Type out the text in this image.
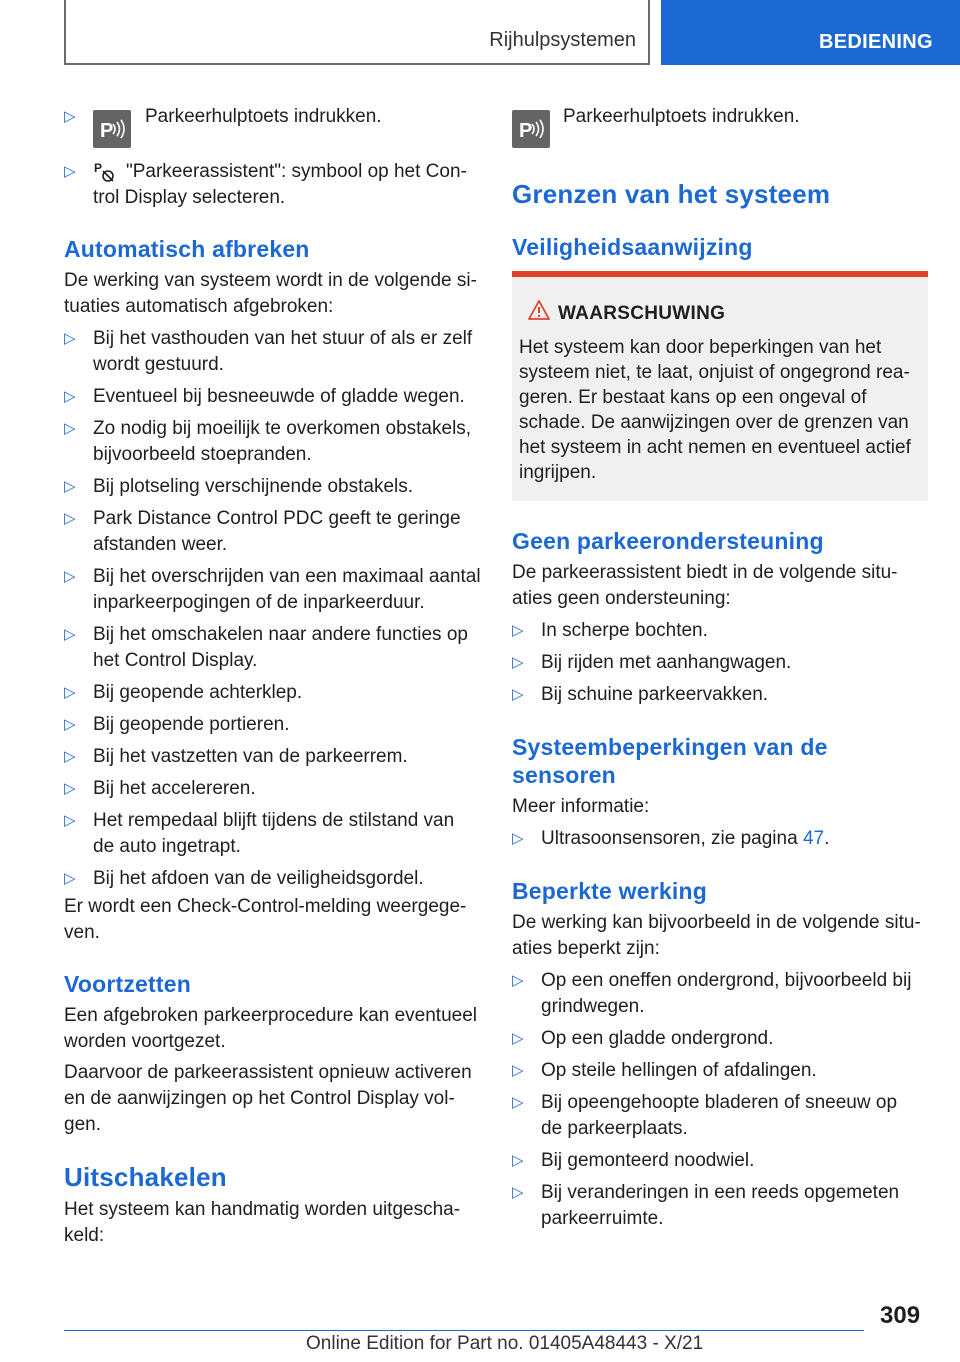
Rijhulpsystemen	BEDIENING
▷
P
Parkeerhulptoets indrukken.
▷ P "Parkeerassistent": symbool op het Con-
trol Display selecteren.
Automatisch afbreken
De werking van systeem wordt in de volgende si-
tuaties automatisch afgebroken:
▷ Bij het vasthouden van het stuur of als er zelf
wordt gestuurd.
▷ Eventueel bij besneeuwde of gladde wegen.
▷ Zo nodig bij moeilijk te overkomen obstakels,
bijvoorbeeld stoepranden.
▷ Bij plotseling verschijnende obstakels.
▷ Park Distance Control PDC geeft te geringe
afstanden weer.
▷ Bij het overschrijden van een maximaal aantal
inparkeerpogingen of de inparkeerduur.
▷ Bij het omschakelen naar andere functies op
het Control Display.
▷ Bij geopende achterklep.
▷ Bij geopende portieren.
▷ Bij het vastzetten van de parkeerrem.
▷ Bij het accelereren.
▷ Het rempedaal blijft tijdens de stilstand van
de auto ingetrapt.
▷ Bij het afdoen van de veiligheidsgordel.
Er wordt een Check-Control-melding weergege-
ven.
Voortzetten
Een afgebroken parkeerprocedure kan eventueel
worden voortgezet.
Daarvoor de parkeerassistent opnieuw activeren
en de aanwijzingen op het Control Display vol-
gen.
Uitschakelen
Het systeem kan handmatig worden uitgescha-
keld:
P
Parkeerhulptoets indrukken.
Grenzen van het systeem
Veiligheidsaanwijzing
WAARSCHUWING
Het systeem kan door beperkingen van het
systeem niet, te laat, onjuist of ongegrond rea-
geren. Er bestaat kans op een ongeval of
schade. De aanwijzingen over de grenzen van
het systeem in acht nemen en eventueel actief
ingrijpen.
Geen parkeerondersteuning
De parkeerassistent biedt in de volgende situ-
aties geen ondersteuning:
▷ In scherpe bochten.
▷ Bij rijden met aanhangwagen.
▷ Bij schuine parkeervakken.
Systeembeperkingen van de
sensoren
Meer informatie:
▷ Ultrasoonsensoren, zie pagina 47.
Beperkte werking
De werking kan bijvoorbeeld in de volgende situ-
aties beperkt zijn:
▷ Op een oneffen ondergrond, bijvoorbeeld bij
grindwegen.
▷ Op een gladde ondergrond.
▷ Op steile hellingen of afdalingen.
▷ Bij opeengehoopte bladeren of sneeuw op
de parkeerplaats.
▷ Bij gemonteerd noodwiel.
▷ Bij veranderingen in een reeds opgemeten
parkeerruimte.
309
Online Edition for Part no. 01405A48443 - X/21
